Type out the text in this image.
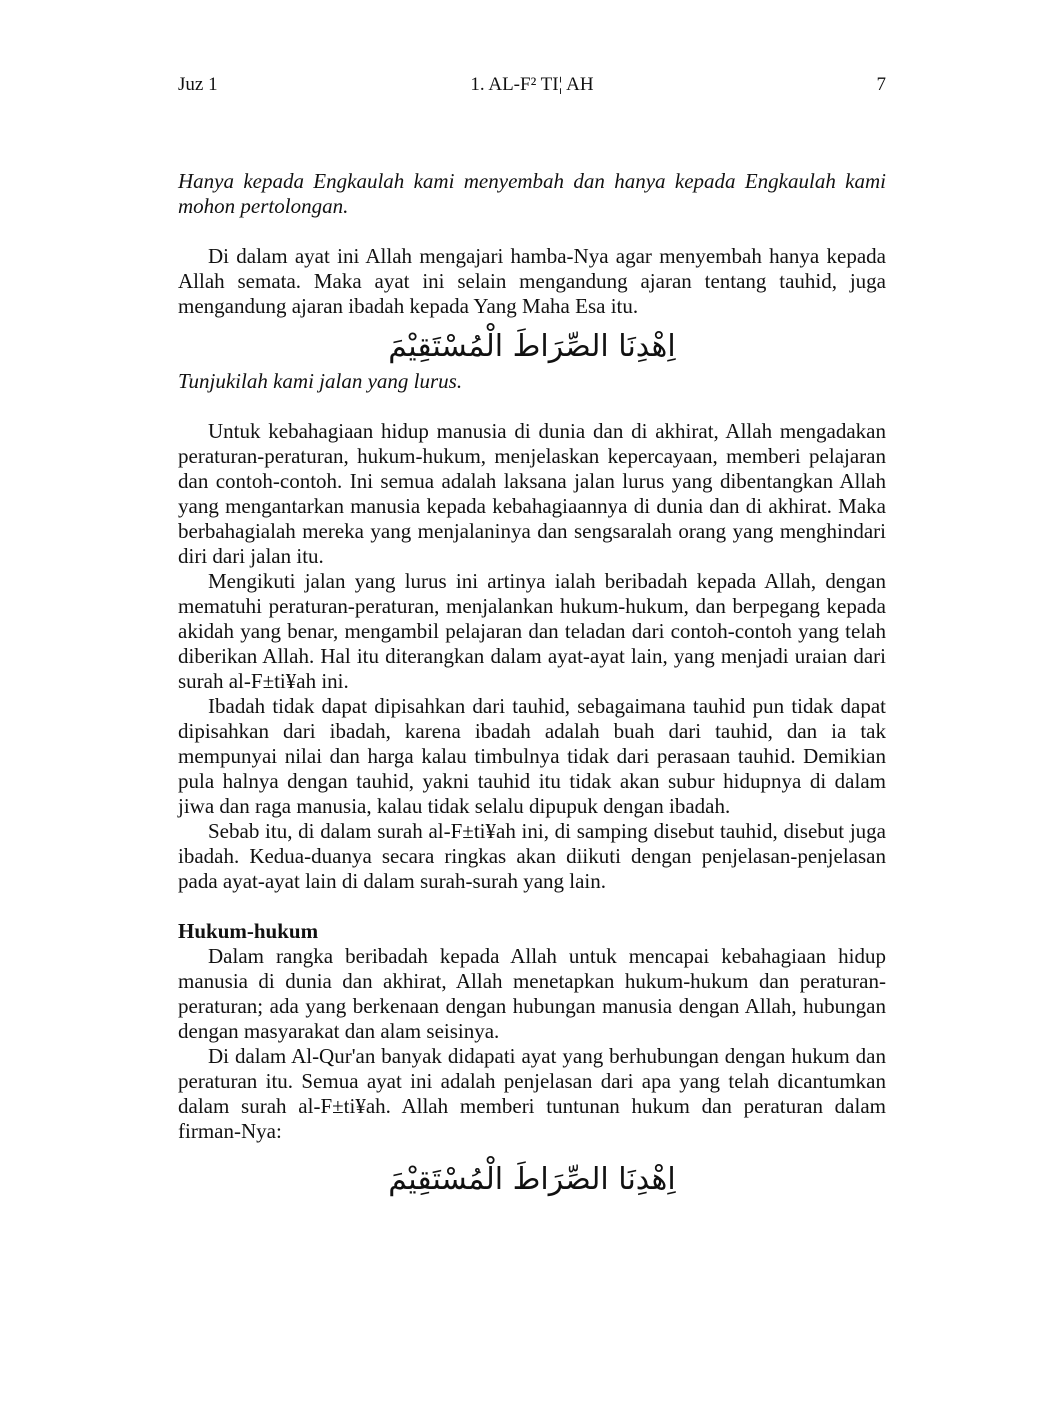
Juz 1	1. AL-F² TI¦ AH	7

Hanya kepada Engkaulah kami menyembah dan hanya kepada Engkaulah kami mohon pertolongan.

Di dalam ayat ini Allah mengajari hamba-Nya agar menyembah hanya kepada Allah semata. Maka ayat ini selain mengandung ajaran tentang tauhid, juga mengandung ajaran ibadah kepada Yang Maha Esa itu.

اِهْدِنَا الصِّرَاطَ الْمُسْتَقِيْمَ

Tunjukilah kami jalan yang lurus.

Untuk kebahagiaan hidup manusia di dunia dan di akhirat, Allah mengadakan peraturan-peraturan, hukum-hukum, menjelaskan kepercayaan, memberi pelajaran dan contoh-contoh. Ini semua adalah laksana jalan lurus yang dibentangkan Allah yang mengantarkan manusia kepada kebahagiaannya di dunia dan di akhirat. Maka berbahagialah mereka yang menjalaninya dan sengsaralah orang yang menghindari diri dari jalan itu.

Mengikuti jalan yang lurus ini artinya ialah beribadah kepada Allah, dengan mematuhi peraturan-peraturan, menjalankan hukum-hukum, dan berpegang kepada akidah yang benar, mengambil pelajaran dan teladan dari contoh-contoh yang telah diberikan Allah. Hal itu diterangkan dalam ayat-ayat lain, yang menjadi uraian dari surah al-F±ti¥ah ini.

Ibadah tidak dapat dipisahkan dari tauhid, sebagaimana tauhid pun tidak dapat dipisahkan dari ibadah, karena ibadah adalah buah dari tauhid, dan ia tak mempunyai nilai dan harga kalau timbulnya tidak dari perasaan tauhid. Demikian pula halnya dengan tauhid, yakni tauhid itu tidak akan subur hidupnya di dalam jiwa dan raga manusia, kalau tidak selalu dipupuk dengan ibadah.

Sebab itu, di dalam surah al-F±ti¥ah ini, di samping disebut tauhid, disebut juga ibadah. Kedua-duanya secara ringkas akan diikuti dengan penjelasan-penjelasan pada ayat-ayat lain di dalam surah-surah yang lain.

Hukum-hukum

Dalam rangka beribadah kepada Allah untuk mencapai kebahagiaan hidup manusia di dunia dan akhirat, Allah menetapkan hukum-hukum dan peraturan-peraturan; ada yang berkenaan dengan hubungan manusia dengan Allah, hubungan dengan masyarakat dan alam seisinya.

Di dalam Al-Qur'an banyak didapati ayat yang berhubungan dengan hukum dan peraturan itu. Semua ayat ini adalah penjelasan dari apa yang telah dicantumkan dalam surah al-F±ti¥ah. Allah memberi tuntunan hukum dan peraturan dalam firman-Nya:

اِهْدِنَا الصِّرَاطَ الْمُسْتَقِيْمَ
